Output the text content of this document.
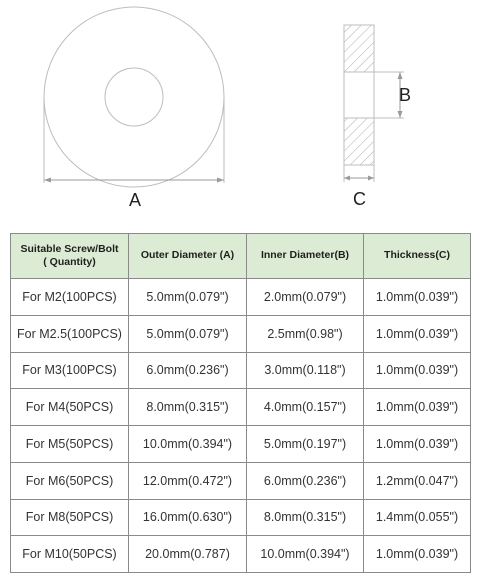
A
B
C
Suitable Screw/Bolt
( Quantity)	Outer Diameter (A)	Inner Diameter(B)	Thickness(C)
For M2(100PCS)	5.0mm(0.079")	2.0mm(0.079")	1.0mm(0.039")
For M2.5(100PCS)	5.0mm(0.079")	2.5mm(0.98")	1.0mm(0.039")
For M3(100PCS)	6.0mm(0.236")	3.0mm(0.118")	1.0mm(0.039")
For M4(50PCS)	8.0mm(0.315")	4.0mm(0.157")	1.0mm(0.039")
For M5(50PCS)	10.0mm(0.394")	5.0mm(0.197")	1.0mm(0.039")
For M6(50PCS)	12.0mm(0.472")	6.0mm(0.236")	1.2mm(0.047")
For M8(50PCS)	16.0mm(0.630")	8.0mm(0.315")	1.4mm(0.055")
For M10(50PCS)	20.0mm(0.787)	10.0mm(0.394")	1.0mm(0.039")
